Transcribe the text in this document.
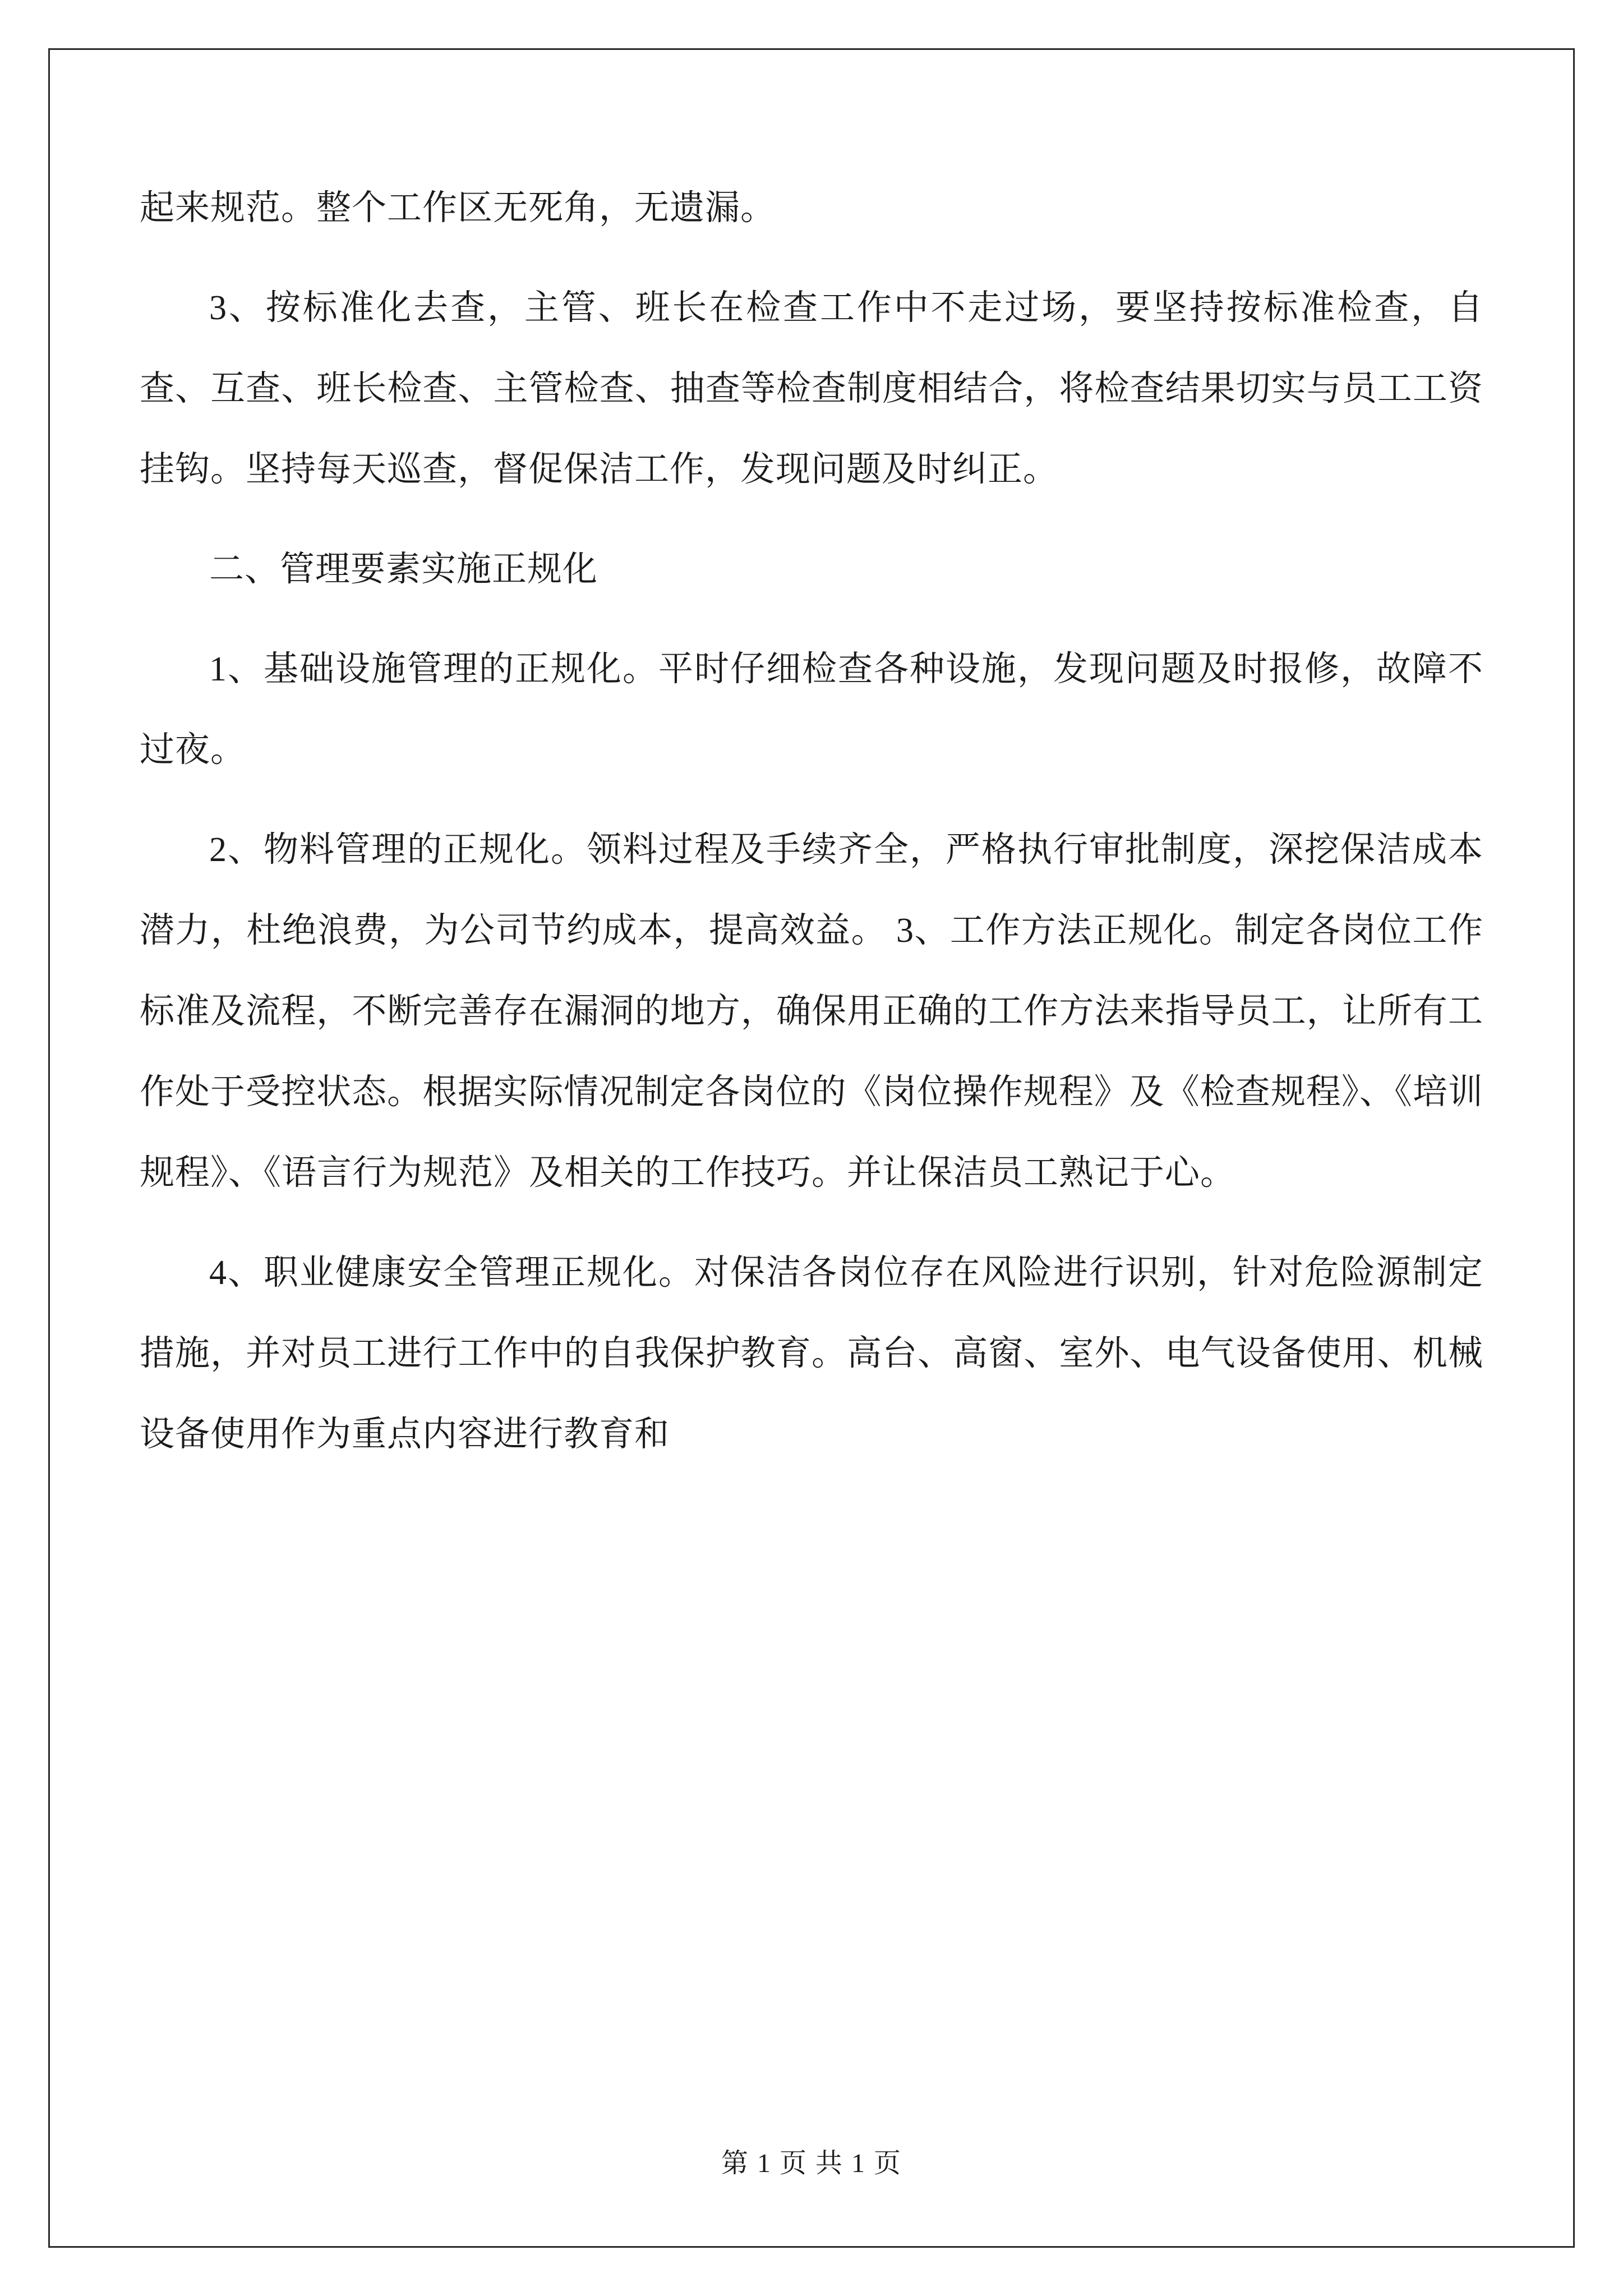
起来规范。整个工作区无死角，无遗漏。

3、按标准化去查，主管、班长在检查工作中不走过场，要坚持按标准检查，自查、互查、班长检查、主管检查、抽查等检查制度相结合，将检查结果切实与员工工资挂钩。坚持每天巡查，督促保洁工作，发现问题及时纠正。

二、管理要素实施正规化

1、基础设施管理的正规化。平时仔细检查各种设施，发现问题及时报修，故障不过夜。

2、物料管理的正规化。领料过程及手续齐全，严格执行审批制度，深挖保洁成本潜力，杜绝浪费，为公司节约成本，提高效益。 3、工作方法正规化。制定各岗位工作标准及流程，不断完善存在漏洞的地方，确保用正确的工作方法来指导员工，让所有工作处于受控状态。根据实际情况制定各岗位的《岗位操作规程》及《检查规程》、《培训规程》、《语言行为规范》及相关的工作技巧。并让保洁员工熟记于心。

4、职业健康安全管理正规化。对保洁各岗位存在风险进行识别，针对危险源制定措施，并对员工进行工作中的自我保护教育。高台、高窗、室外、电气设备使用、机械设备使用作为重点内容进行教育和

第 1 页 共 1 页
